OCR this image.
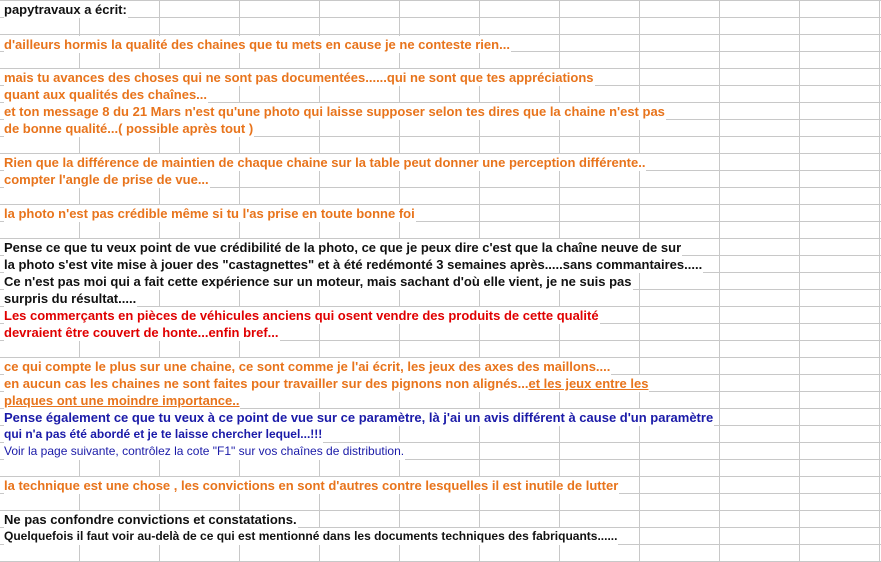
papytravaux a écrit:
d'ailleurs hormis la qualité des chaines que tu mets en cause je ne conteste rien...
mais tu avances des choses qui ne sont pas documentées......qui ne sont que tes appréciations
quant aux qualités des chaînes...
et ton message 8 du 21 Mars n'est qu'une photo qui laisse supposer selon tes dires que la chaine n'est pas
de bonne qualité...( possible après tout )
Rien que la différence de maintien de chaque chaine sur la table peut donner une perception différente..
compter l'angle de prise de vue...
la photo n'est pas crédible même si tu l'as prise en toute bonne foi
Pense ce que tu veux point de vue crédibilité de la photo, ce que je peux dire c'est que la chaîne neuve de sur
la photo s'est vite mise à jouer des "castagnettes" et à été redémonté 3 semaines après.....sans commantaires.....
Ce n'est pas moi qui a fait cette expérience sur un moteur, mais sachant d'où elle vient, je ne suis pas
surpris du résultat.....
Les commerçants en pièces de véhicules anciens qui osent vendre des produits de cette qualité
devraient être couvert de honte...enfin bref...
ce qui compte le plus sur une chaine, ce sont comme je l'ai écrit, les jeux des axes des maillons....
en aucun cas les chaines ne sont faites pour travailler sur des pignons non alignés...et les jeux entre les
plaques ont une moindre importance..
Pense également ce que tu veux à ce point de vue sur ce paramètre, là j'ai un avis différent à cause d'un paramètre
qui n'a pas été abordé et je te laisse chercher lequel...!!!
Voir la page suivante, contrôlez la cote "F1" sur vos chaînes de distribution.
la technique est une chose , les convictions en sont d'autres contre lesquelles il est inutile de lutter
Ne pas confondre convictions et constatations.
Quelquefois il faut voir au-delà de ce qui est mentionné dans les documents techniques des fabriquants......
